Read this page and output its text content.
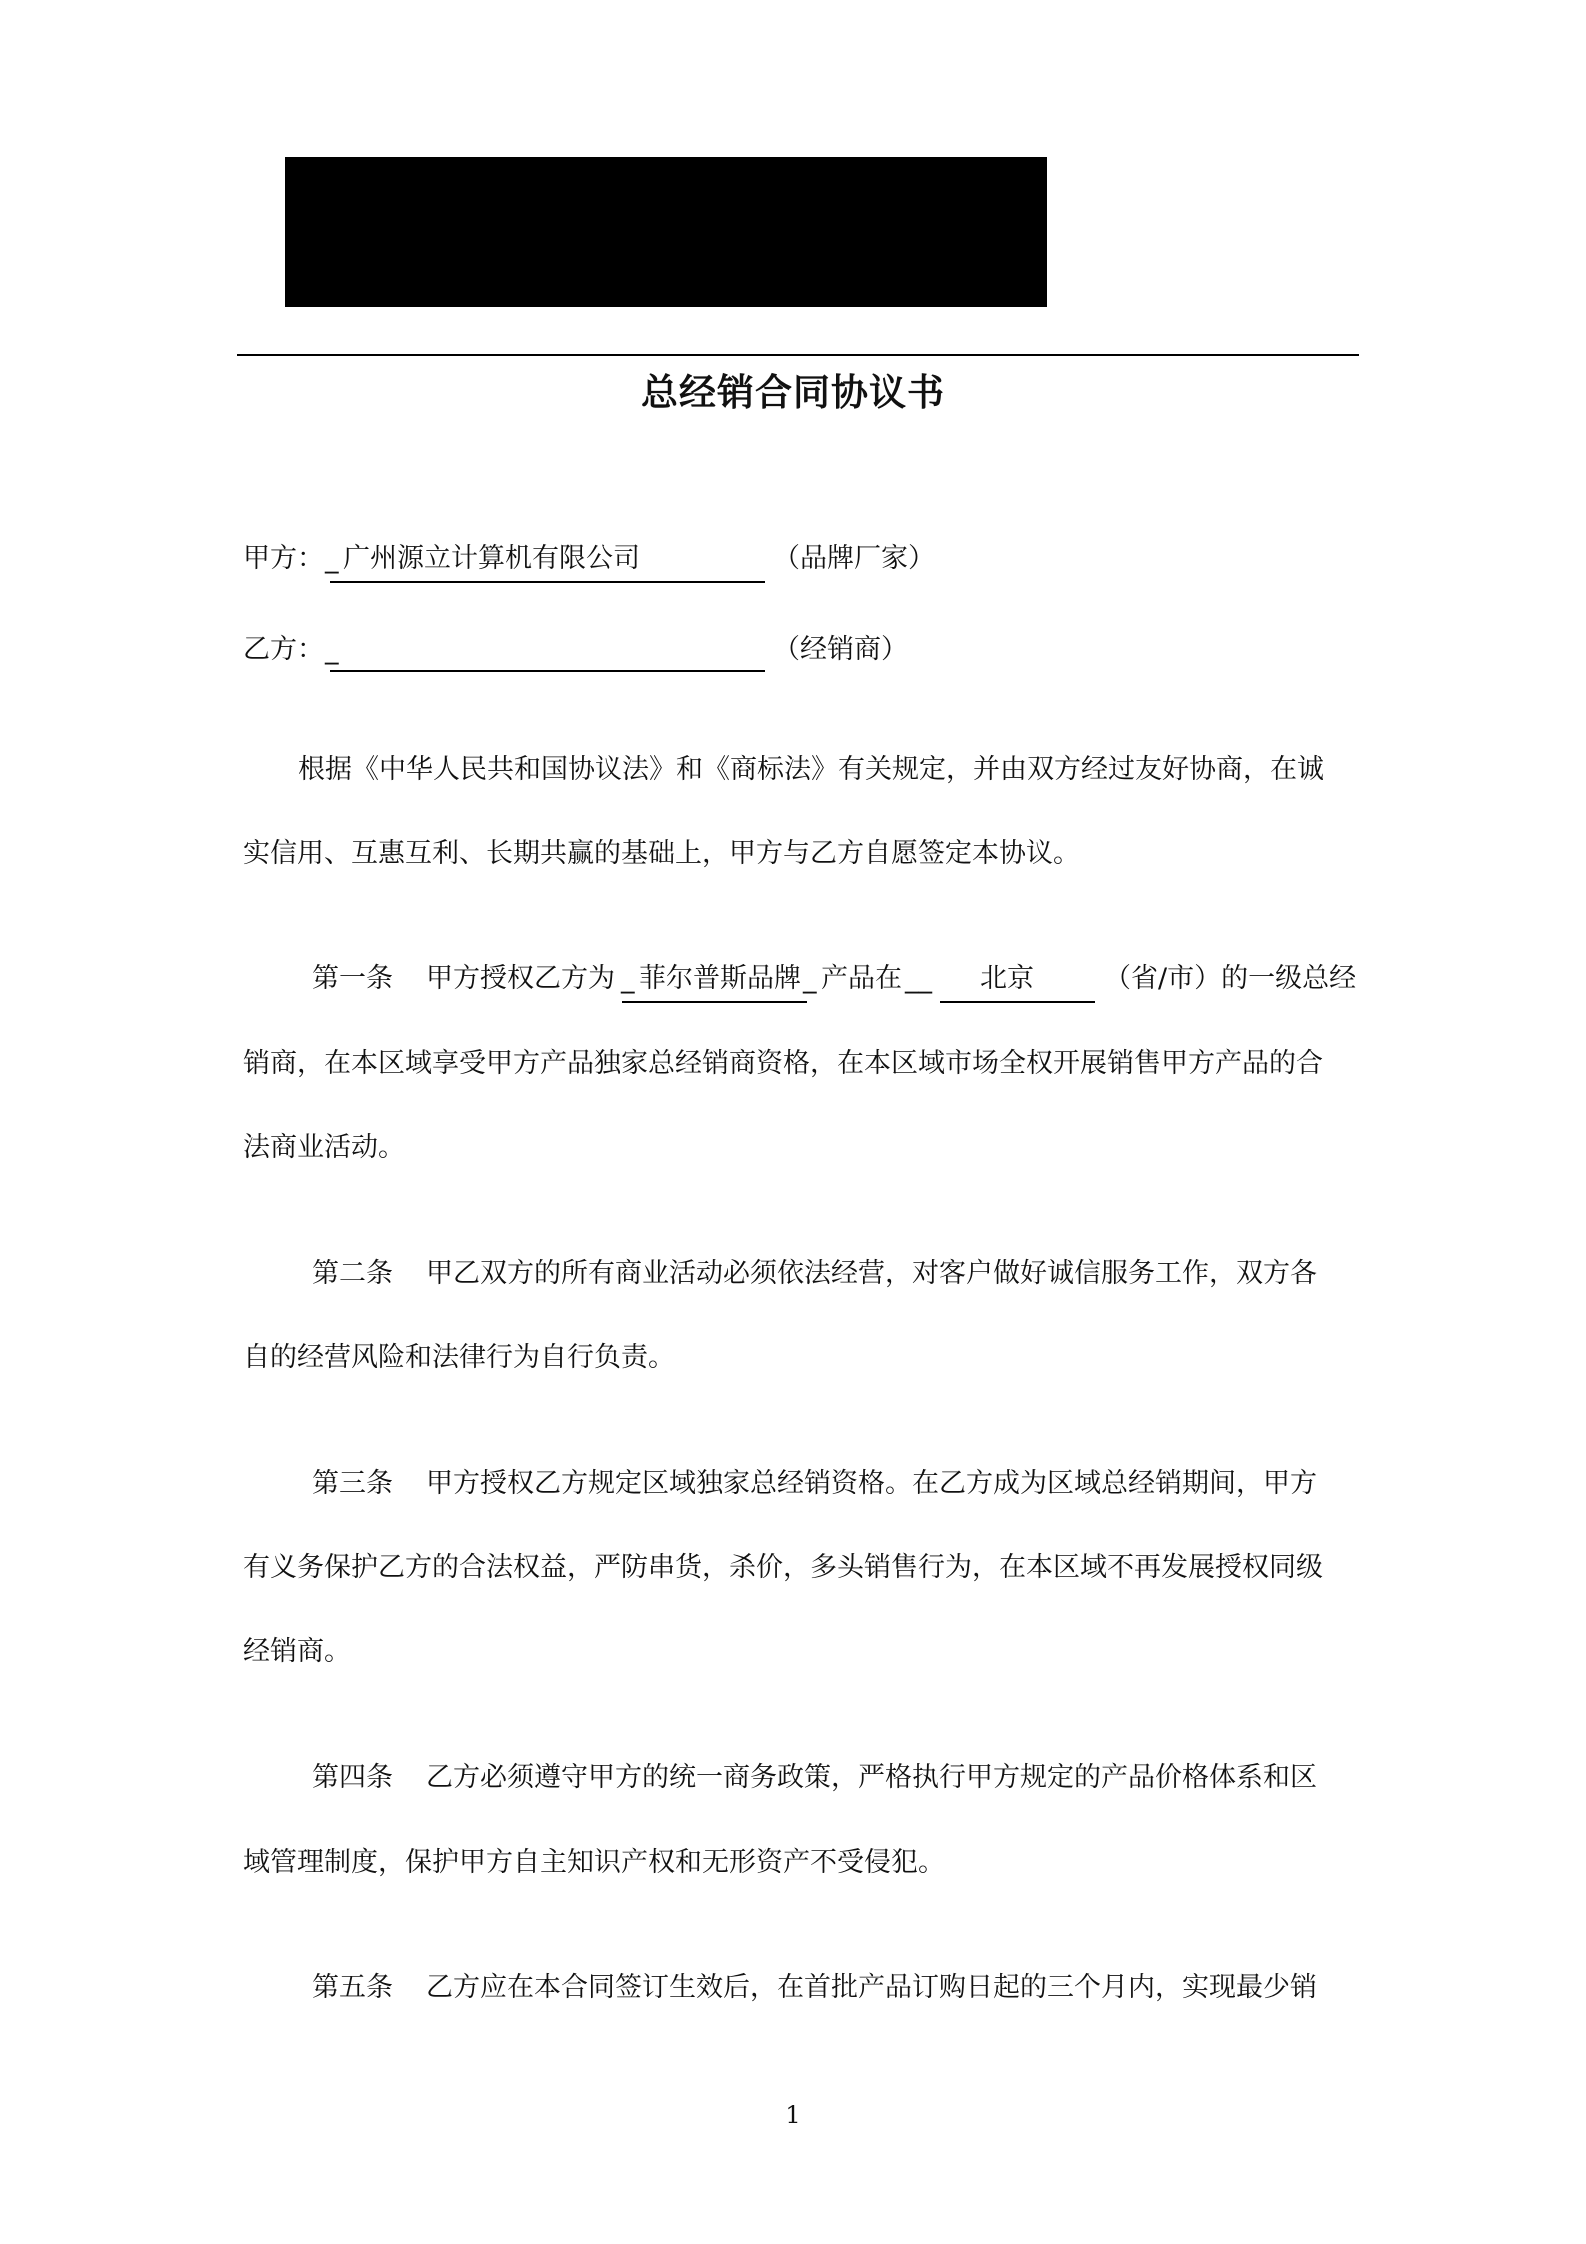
总经销合同协议书
甲方： _ 广州源立计算机有限公司	（品牌厂家）
乙方： _	（经销商）
根据《中华人民共和国协议法》和《商标法》有关规定，并由双方经过友好协商，在诚
实信用、互惠互利、长期共赢的基础上，甲方与乙方自愿签定本协议。
第一条 甲方授权乙方为 _ 菲尔普斯品牌 _ 产品在 __ 北京	（省/市）的一级总经
销商，在本区域享受甲方产品独家总经销商资格，在本区域市场全权开展销售甲方产品的合
法商业活动。
第二条 甲乙双方的所有商业活动必须依法经营，对客户做好诚信服务工作，双方各
自的经营风险和法律行为自行负责。
第三条 甲方授权乙方规定区域独家总经销资格。在乙方成为区域总经销期间，甲方
有义务保护乙方的合法权益，严防串货，杀价，多头销售行为，在本区域不再发展授权同级
经销商。
第四条 乙方必须遵守甲方的统一商务政策，严格执行甲方规定的产品价格体系和区
域管理制度，保护甲方自主知识产权和无形资产不受侵犯。
第五条 乙方应在本合同签订生效后，在首批产品订购日起的三个月内，实现最少销
1
